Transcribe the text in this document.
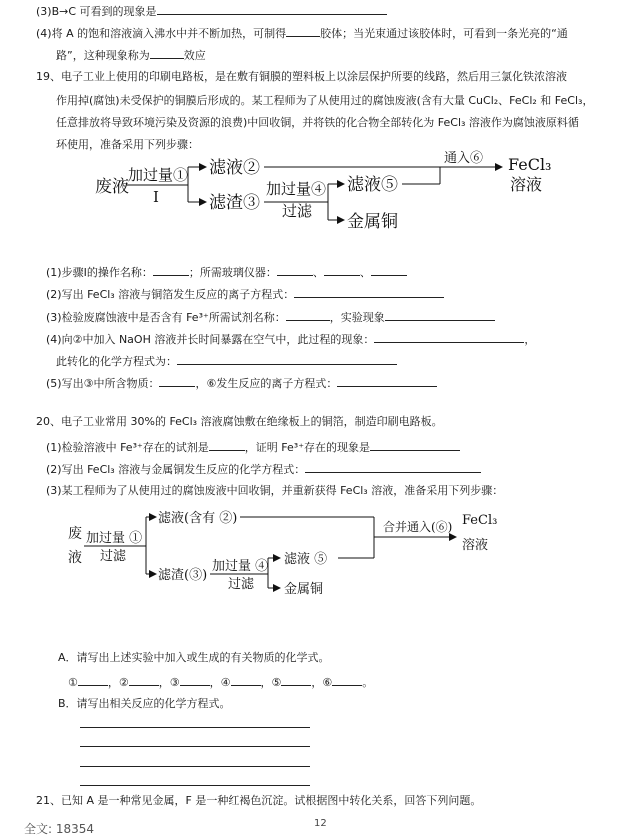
(3)B→C 可看到的现象是
(4)将 A 的饱和溶液滴入沸水中并不断加热，可制得	胶体；当光束通过该胶体时，可看到一条光亮的“通
路”，这种现象称为	效应
19、电子工业上使用的印刷电路板，是在敷有铜膜的塑料板上以涂层保护所要的线路，然后用三氯化铁浓溶液
作用掉(腐蚀)未受保护的铜膜后形成的。某工程师为了从使用过的腐蚀废液(含有大量 CuCl₂、FeCl₂ 和 FeCl₃，
任意排放将导致环境污染及资源的浪费)中回收铜，并将铁的化合物全部转化为 FeCl₃ 溶液作为腐蚀液原料循
环使用，准备采用下列步骤：
废液
加过量①
Ⅰ
滤液②
滤渣③
加过量④
过滤
滤液⑤
金属铜
通入⑥ FeCl₃
溶液
(1)步骤Ⅰ的操作名称：	；所需玻璃仪器：	、	、
(2)写出 FeCl₃ 溶液与铜箔发生反应的离子方程式：
(3)检验废腐蚀液中是否含有 Fe³⁺所需试剂名称：	，实验现象
(4)向②中加入 NaOH 溶液并长时间暴露在空气中，此过程的现象：	，
此转化的化学方程式为：
(5)写出③中所含物质：	，⑥发生反应的离子方程式：
20、电子工业常用 30%的 FeCl₃ 溶液腐蚀敷在绝缘板上的铜箔，制造印刷电路板。
(1)检验溶液中 Fe³⁺存在的试剂是	，证明 Fe³⁺存在的现象是
(2)写出 FeCl₃ 溶液与金属铜发生反应的化学方程式：
(3)某工程师为了从使用过的腐蚀废液中回收铜，并重新获得 FeCl₃ 溶液，准备采用下列步骤：
废
液
加过量 ①
过滤
滤液(含有 ②)
滤渣(③)
加过量 ④
过滤
滤液 ⑤
金属铜
合并通入(⑥) FeCl₃
溶液
A．请写出上述实验中加入或生成的有关物质的化学式。
①	，②	，③	，④	，⑤	，⑥	。
B．请写出相关反应的化学方程式。
21、已知 A 是一种常见金属，F 是一种红褐色沉淀。试根据图中转化关系，回答下列问题。
全文: 18354	12
